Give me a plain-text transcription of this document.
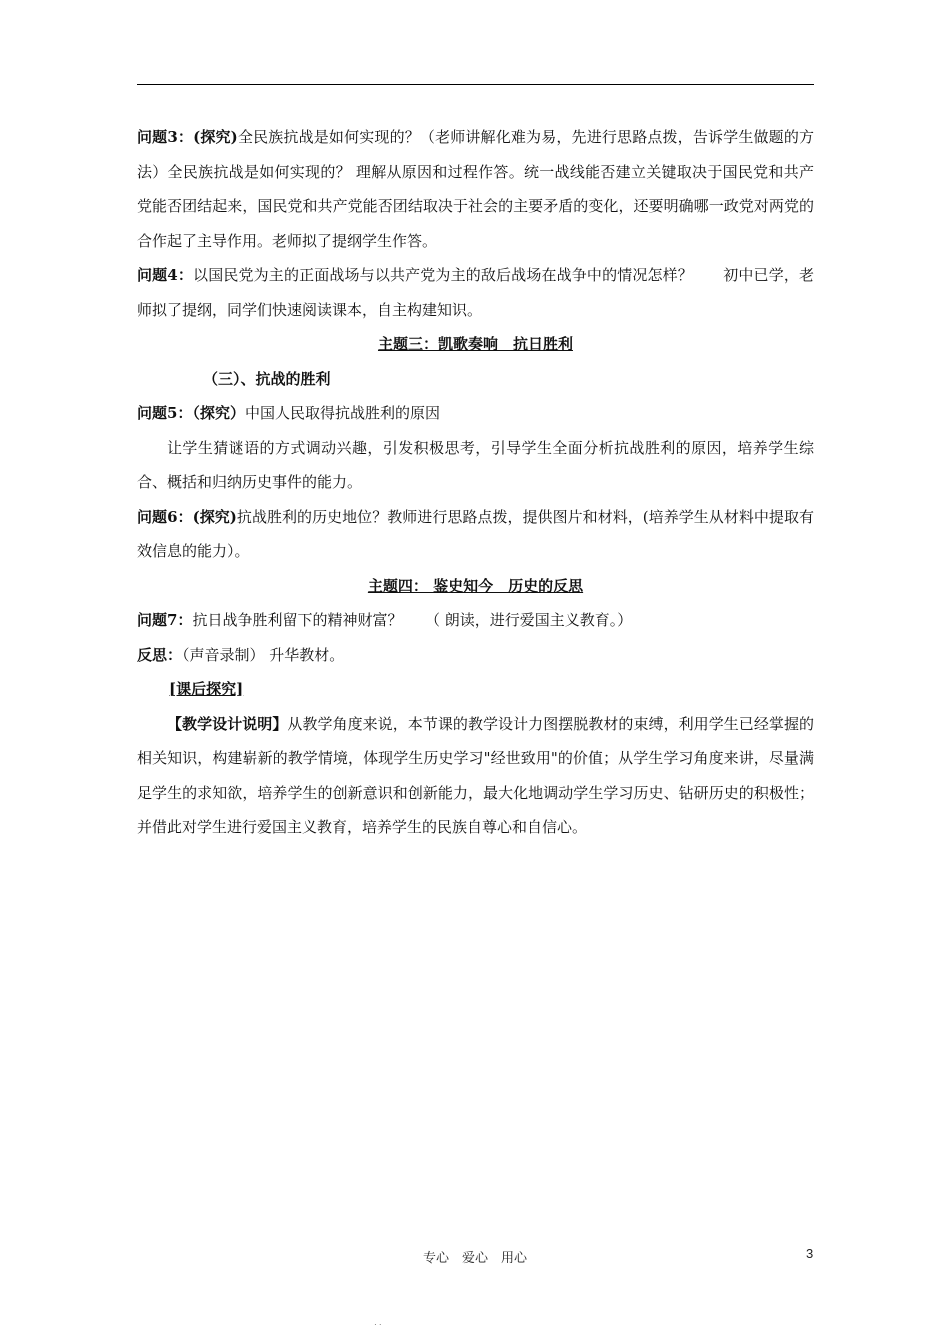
问题3：(探究)全民族抗战是如何实现的？（老师讲解化难为易，先进行思路点拨，告诉学生做题的方法）全民族抗战是如何实现的？ 理解从原因和过程作答。统一战线能否建立关键取决于国民党和共产党能否团结起来，国民党和共产党能否团结取决于社会的主要矛盾的变化，还要明确哪一政党对两党的合作起了主导作用。老师拟了提纲学生作答。

问题4：以国民党为主的正面战场与以共产党为主的敌后战场在战争中的情况怎样？　　初中已学，老师拟了提纲，同学们快速阅读课本，自主构建知识。

主题三：凯歌奏响　抗日胜利

（三）、抗战的胜利

问题5：（探究）中国人民取得抗战胜利的原因

让学生猜谜语的方式调动兴趣，引发积极思考，引导学生全面分析抗战胜利的原因，培养学生综合、概括和归纳历史事件的能力。

问题6：(探究)抗战胜利的历史地位？教师进行思路点拨，提供图片和材料，(培养学生从材料中提取有效信息的能力）。

主题四： 鉴史知今　历史的反思

问题7：抗日战争胜利留下的精神财富？　　（ 朗读，进行爱国主义教育。）

反思：（声音录制） 升华教材。

[课后探究]

【教学设计说明】从教学角度来说，本节课的教学设计力图摆脱教材的束缚，利用学生已经掌握的相关知识，构建崭新的教学情境，体现学生历史学习"经世致用"的价值；从学生学习角度来讲，尽量满足学生的求知欲，培养学生的创新意识和创新能力，最大化地调动学生学习历史、钻研历史的积极性；并借此对学生进行爱国主义教育，培养学生的民族自尊心和自信心。

专心　爱心　用心	3
· ·
